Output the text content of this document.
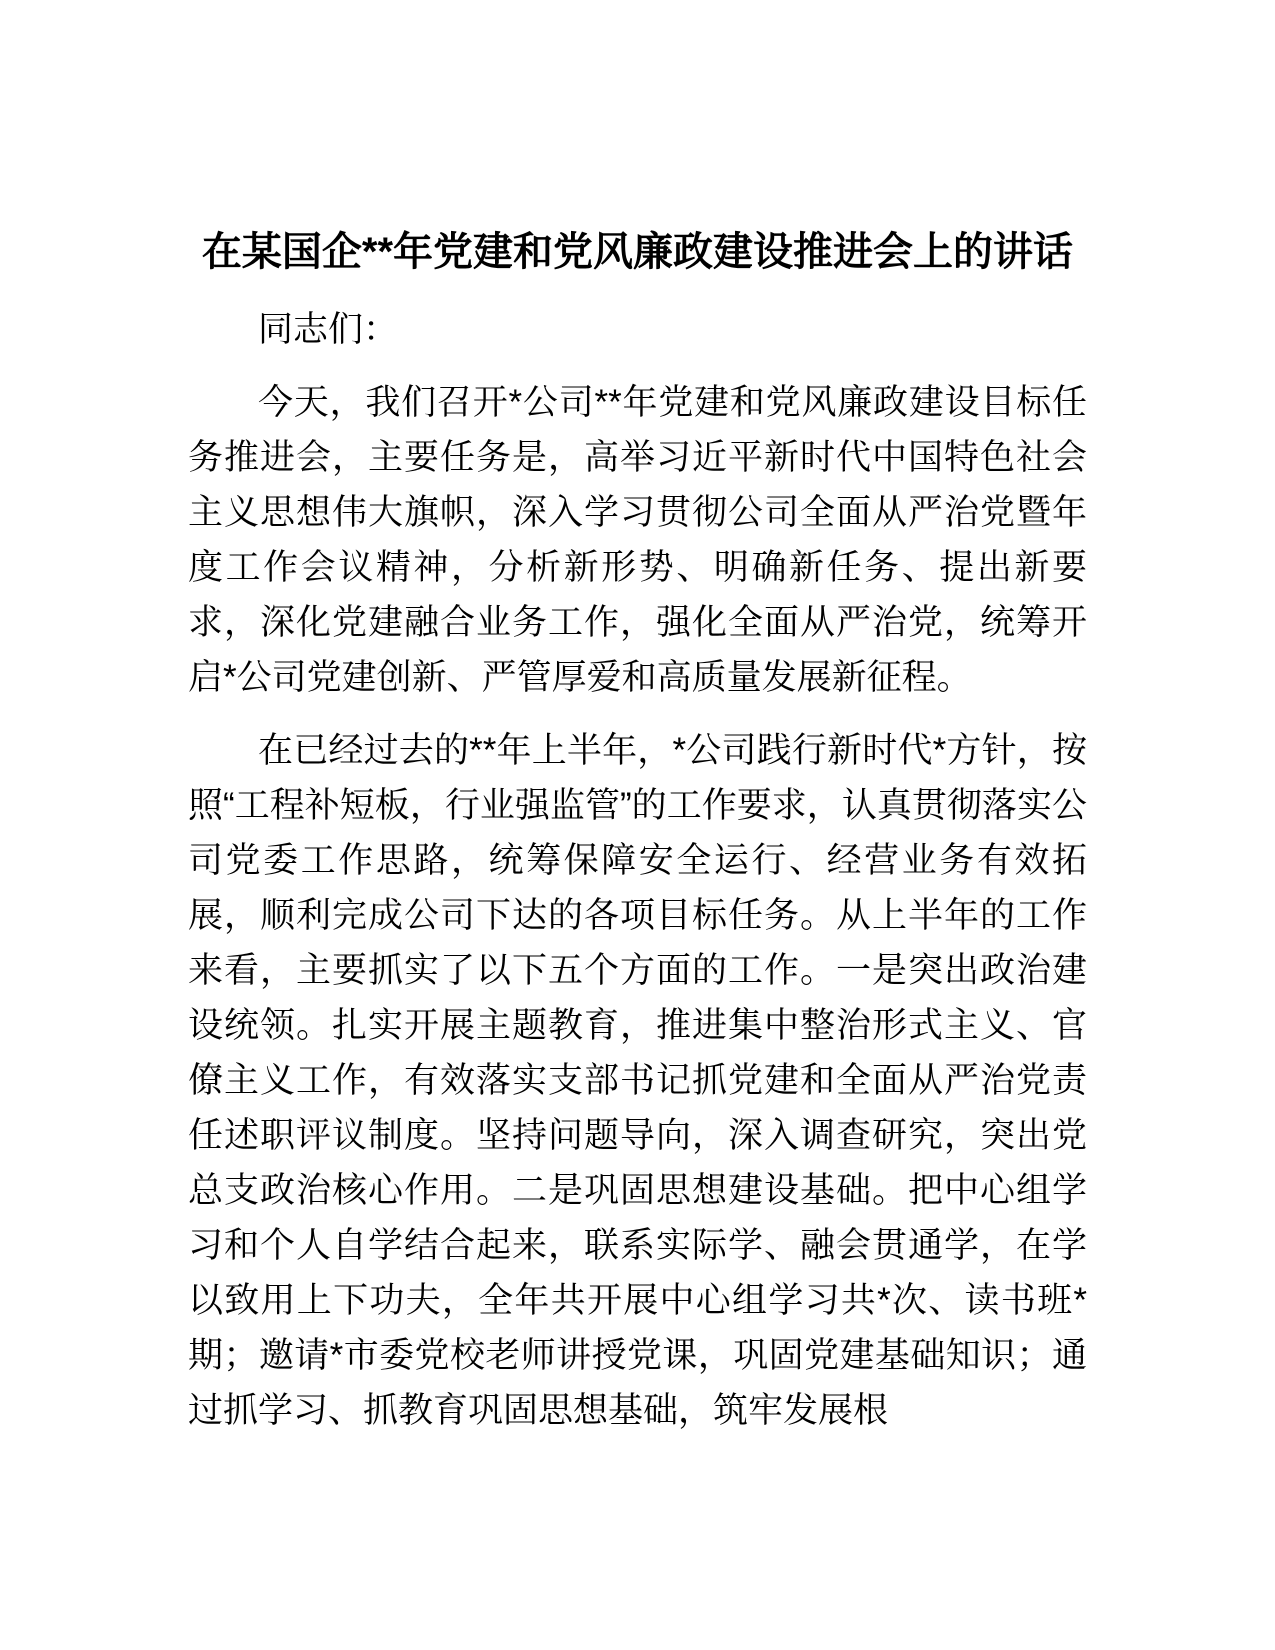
在某国企**年党建和党风廉政建设推进会上的讲话

同志们：

今天，我们召开*公司**年党建和党风廉政建设目标任务推进会，主要任务是，高举习近平新时代中国特色社会主义思想伟大旗帜，深入学习贯彻公司全面从严治党暨年度工作会议精神，分析新形势、明确新任务、提出新要求，深化党建融合业务工作，强化全面从严治党，统筹开启*公司党建创新、严管厚爱和高质量发展新征程。

在已经过去的**年上半年，*公司践行新时代*方针，按照“工程补短板，行业强监管”的工作要求，认真贯彻落实公司党委工作思路，统筹保障安全运行、经营业务有效拓展，顺利完成公司下达的各项目标任务。从上半年的工作来看，主要抓实了以下五个方面的工作。一是突出政治建设统领。扎实开展主题教育，推进集中整治形式主义、官僚主义工作，有效落实支部书记抓党建和全面从严治党责任述职评议制度。坚持问题导向，深入调查研究，突出党总支政治核心作用。二是巩固思想建设基础。把中心组学习和个人自学结合起来，联系实际学、融会贯通学，在学以致用上下功夫，全年共开展中心组学习共*次、读书班*期；邀请*市委党校老师讲授党课，巩固党建基础知识；通过抓学习、抓教育巩固思想基础，筑牢发展根
